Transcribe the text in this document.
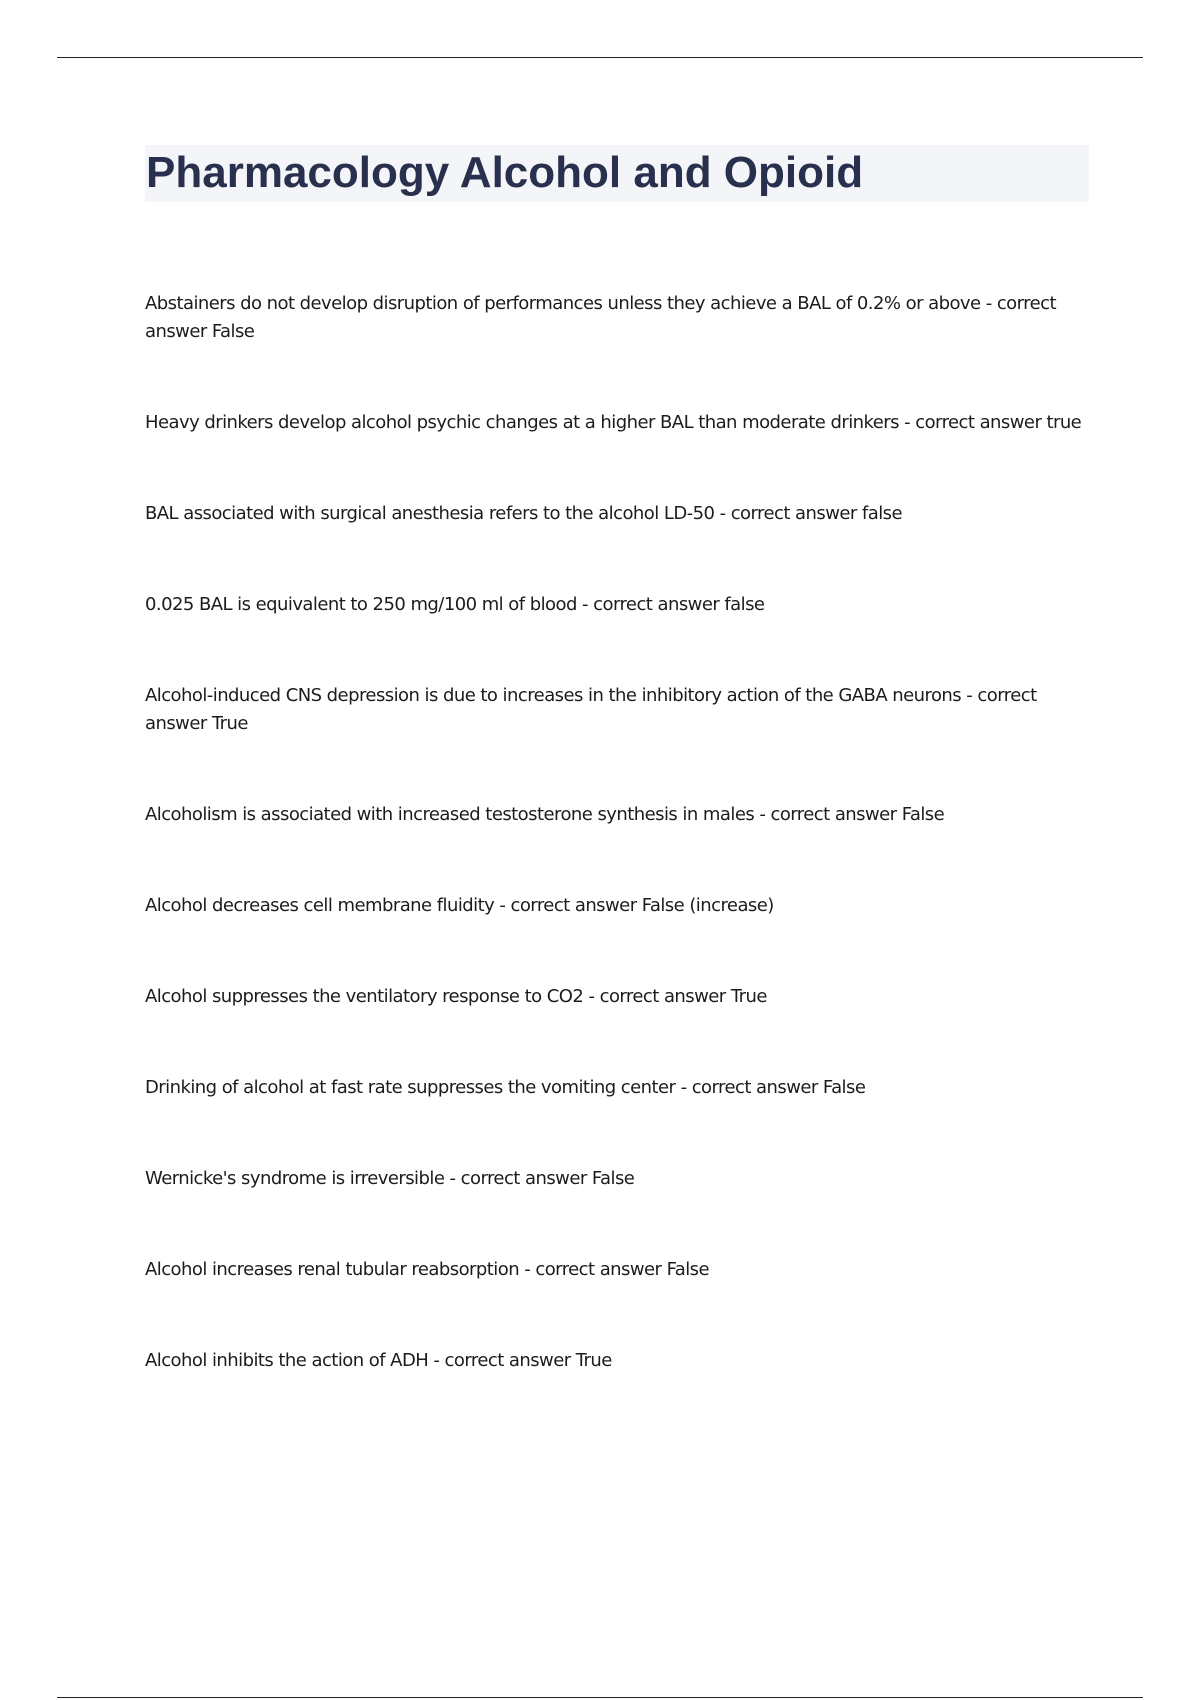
Pharmacology Alcohol and Opioid
Abstainers do not develop disruption of performances unless they achieve a BAL of 0.2% or above - correct answer False
Heavy drinkers develop alcohol psychic changes at a higher BAL than moderate drinkers - correct answer true
BAL associated with surgical anesthesia refers to the alcohol LD-50 - correct answer false
0.025 BAL is equivalent to 250 mg/100 ml of blood - correct answer false
Alcohol-induced CNS depression is due to increases in the inhibitory action of the GABA neurons - correct answer True
Alcoholism is associated with increased testosterone synthesis in males - correct answer False
Alcohol decreases cell membrane fluidity - correct answer False (increase)
Alcohol suppresses the ventilatory response to CO2 - correct answer True
Drinking of alcohol at fast rate suppresses the vomiting center - correct answer False
Wernicke's syndrome is irreversible - correct answer False
Alcohol increases renal tubular reabsorption - correct answer False
Alcohol inhibits the action of ADH - correct answer True
